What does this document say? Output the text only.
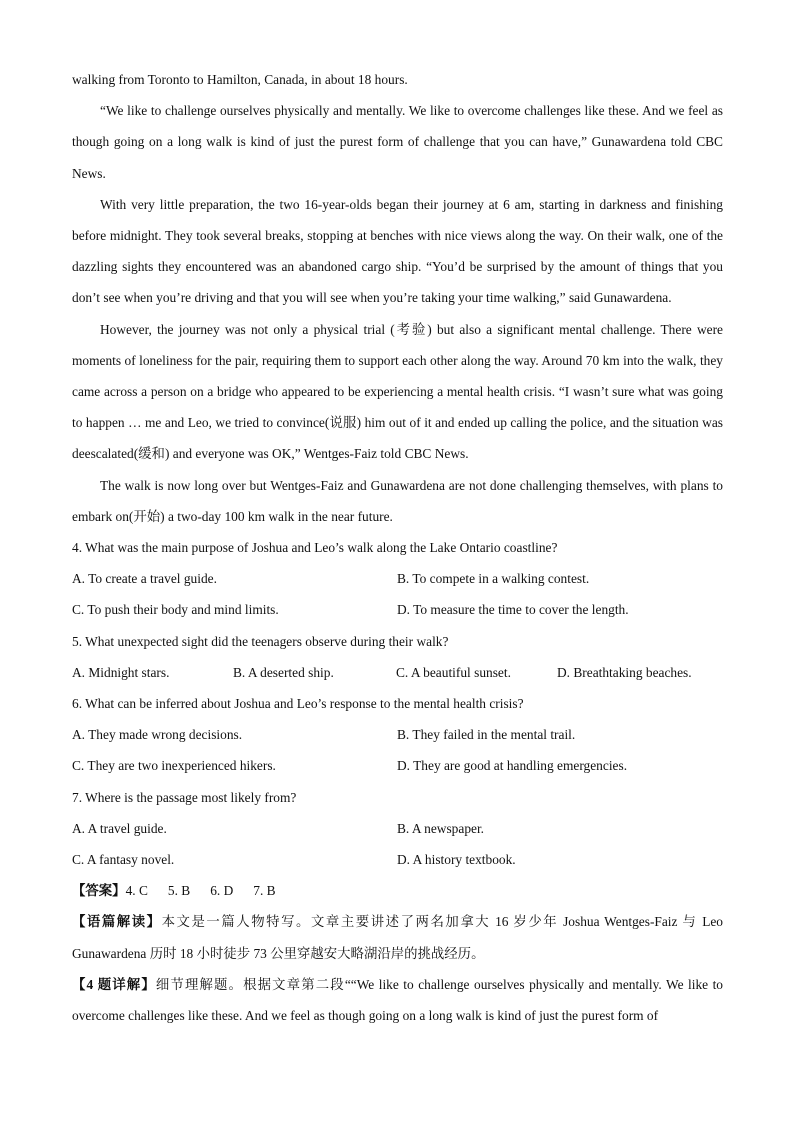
walking from Toronto to Hamilton, Canada, in about 18 hours.

“We like to challenge ourselves physically and mentally. We like to overcome challenges like these. And we feel as though going on a long walk is kind of just the purest form of challenge that you can have,” Gunawardena told CBC News.

With very little preparation, the two 16-year-olds began their journey at 6 am, starting in darkness and finishing before midnight. They took several breaks, stopping at benches with nice views along the way. On their walk, one of the dazzling sights they encountered was an abandoned cargo ship. “You’d be surprised by the amount of things that you don’t see when you’re driving and that you will see when you’re taking your time walking,” said Gunawardena.

However, the journey was not only a physical trial (考验) but also a significant mental challenge. There were moments of loneliness for the pair, requiring them to support each other along the way. Around 70 km into the walk, they came across a person on a bridge who appeared to be experiencing a mental health crisis. “I wasn’t sure what was going to happen … me and Leo, we tried to convince(说服) him out of it and ended up calling the police, and the situation was deescalated(缓和) and everyone was OK,” Wentges-Faiz told CBC News.

The walk is now long over but Wentges-Faiz and Gunawardena are not done challenging themselves, with plans to embark on(开始) a two-day 100 km walk in the near future.

4. What was the main purpose of Joshua and Leo’s walk along the Lake Ontario coastline?
A. To create a travel guide.	B. To compete in a walking contest.
C. To push their body and mind limits.	D. To measure the time to cover the length.
5. What unexpected sight did the teenagers observe during their walk?
A. Midnight stars.	B. A deserted ship.	C. A beautiful sunset.	D. Breathtaking beaches.
6. What can be inferred about Joshua and Leo’s response to the mental health crisis?
A. They made wrong decisions.	B. They failed in the mental trail.
C. They are two inexperienced hikers.	D. They are good at handling emergencies.
7. Where is the passage most likely from?
A. A travel guide.	B. A newspaper.
C. A fantasy novel.	D. A history textbook.
【答案】4. C 5. B 6. D 7. B

【语篇解读】本文是一篇人物特写。文章主要讲述了两名加拿大 16 岁少年 Joshua Wentges-Faiz 与 Leo Gunawardena 历时 18 小时徒步 73 公里穿越安大略湖沿岸的挑战经历。

【4 题详解】细节理解题。根据文章第二段““We like to challenge ourselves physically and mentally. We like to overcome challenges like these. And we feel as though going on a long walk is kind of just the purest form of
